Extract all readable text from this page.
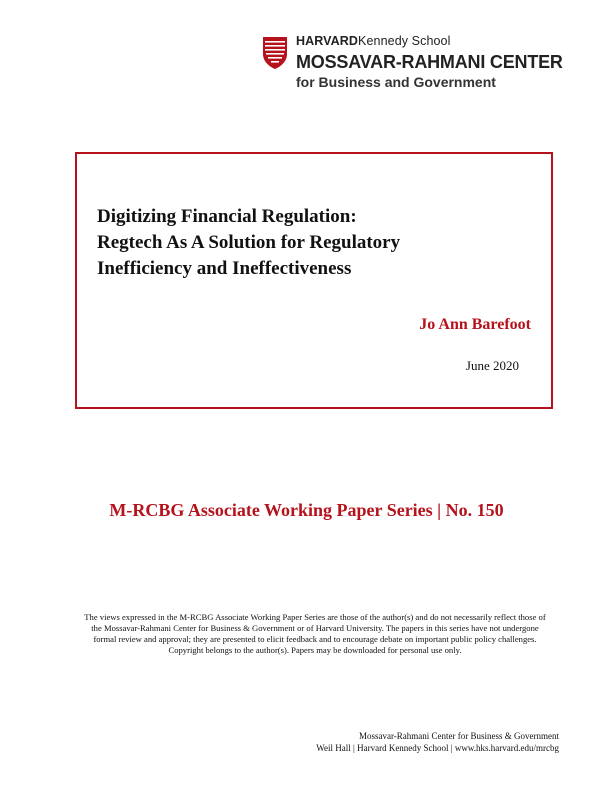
HARVARDKennedy School
MOSSAVAR-RAHMANI CENTER
for Business and Government
Digitizing Financial Regulation:
Regtech As A Solution for Regulatory
Inefficiency and Ineffectiveness
Jo Ann Barefoot
June 2020
M-RCBG Associate Working Paper Series | No. 150
The views expressed in the M-RCBG Associate Working Paper Series are those of the author(s) and do not necessarily reflect those of the Mossavar-Rahmani Center for Business & Government or of Harvard University. The papers in this series have not undergone formal review and approval; they are presented to elicit feedback and to encourage debate on important public policy challenges. Copyright belongs to the author(s). Papers may be downloaded for personal use only.
Mossavar-Rahmani Center for Business & Government
Weil Hall | Harvard Kennedy School | www.hks.harvard.edu/mrcbg
